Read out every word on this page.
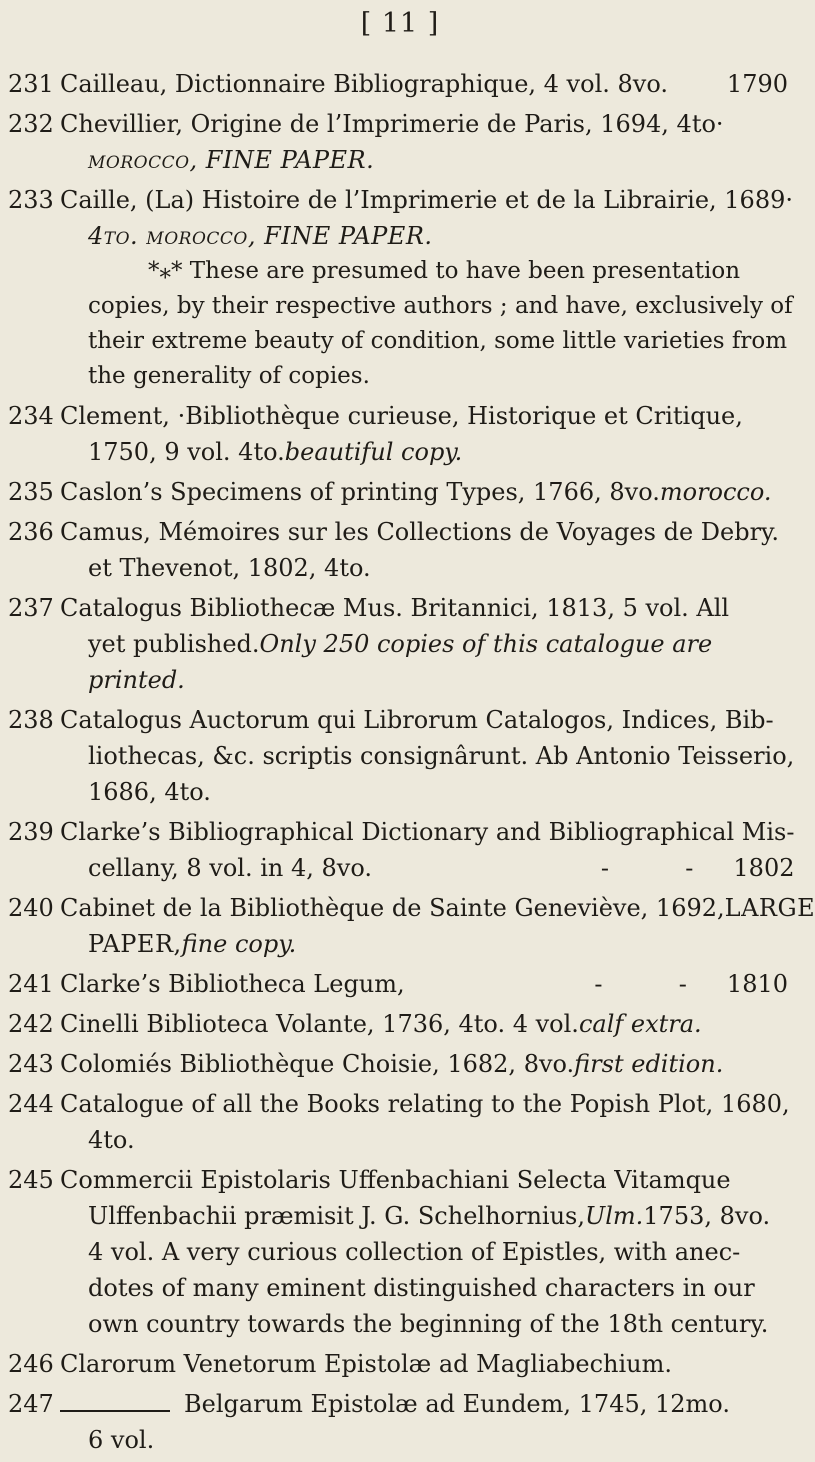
[ 11 ]
231 Cailleau, Dictionnaire Bibliographique, 4 vol. 8vo.	1790
232 Chevillier, Origine de l’Imprimerie de Paris, 1694, 4to·
morocco, FINE PAPER.
233 Caille, (La) Histoire de l’Imprimerie et de la Librairie, 1689·
4to. morocco, FINE PAPER.
*⁎* These are presumed to have been presentation copies, by their respective authors ; and have, exclusively of their extreme beauty of condition, some little varieties from the generality of copies.
234 Clement, ·Bibliothèque curieuse, Historique et Critique,
1750, 9 vol. 4to. beautiful copy.
235 Caslon’s Specimens of printing Types, 1766, 8vo. morocco.
236 Camus, Mémoires sur les Collections de Voyages de Debry.
et Thevenot, 1802, 4to.
237 Catalogus Bibliothecæ Mus. Britannici, 1813, 5 vol. All
yet published. Only 250 copies of this catalogue are
printed.
238 Catalogus Auctorum qui Librorum Catalogos, Indices, Bib-
liothecas, &c. scriptis consignârunt. Ab Antonio Teisserio,
1686, 4to.
239 Clarke’s Bibliographical Dictionary and Bibliographical Mis-
cellany, 8 vol. in 4, 8vo.	-          - 1802
240 Cabinet de la Bibliothèque de Sainte Geneviève, 1692, LARGE
PAPER, fine copy.
241 Clarke’s Bibliotheca Legum,	-          - 1810
242 Cinelli Biblioteca Volante, 1736, 4to. 4 vol. calf extra.
243 Colomiés Bibliothèque Choisie, 1682, 8vo. first edition.
244 Catalogue of all the Books relating to the Popish Plot, 1680,
4to.
245 Commercii Epistolaris Uffenbachiani Selecta Vitamque
Ulffenbachii præmisit J. G. Schelhornius, Ulm. 1753, 8vo.
4 vol. A very curious collection of Epistles, with anec-
dotes of many eminent distinguished characters in our
own country towards the beginning of the 18th century.
246 Clarorum Venetorum Epistolæ ad Magliabechium.
247	Belgarum Epistolæ ad Eundem, 1745, 12mo.
6 vol.
